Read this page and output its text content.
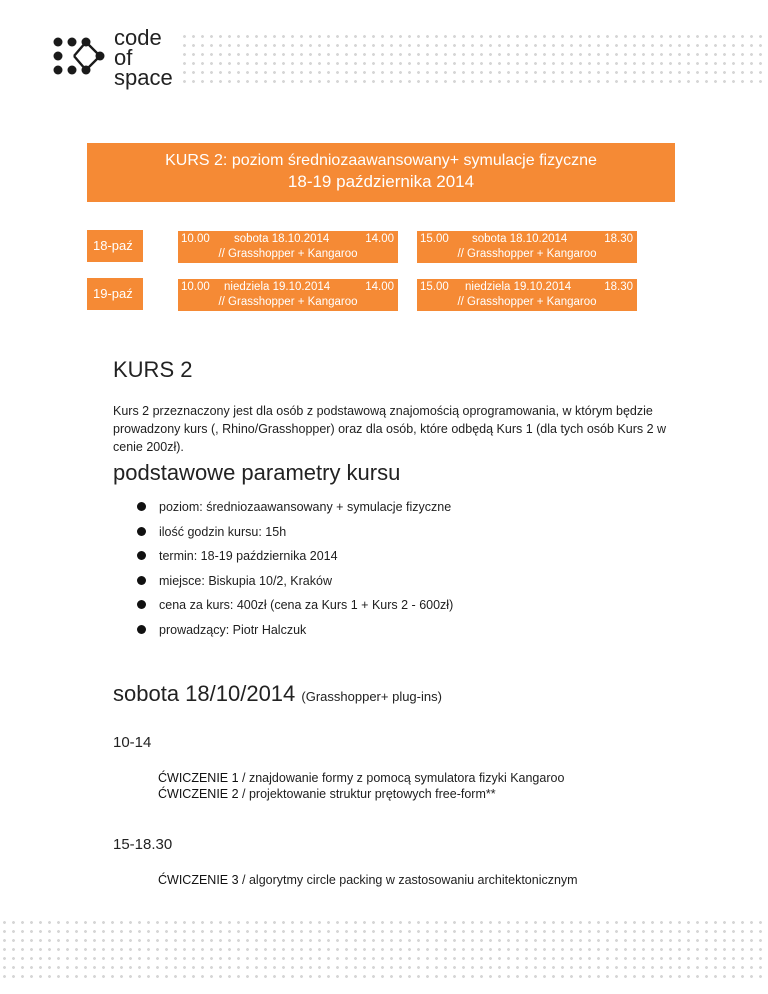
code
of
space
KURS 2: poziom średniozaawansowany+ symulacje fizyczne
18-19 października 2014
18-paź	10.00 sobota 18.10.2014	14.00
// Grasshopper + Kangaroo
15.00 sobota 18.10.2014	18.30
// Grasshopper + Kangaroo
19-paź	10.00 niedziela 19.10.2014	14.00
// Grasshopper + Kangaroo
15.00 niedziela 19.10.2014	18.30
// Grasshopper + Kangaroo
KURS 2

Kurs 2 przeznaczony jest dla osób z podstawową znajomością oprogramowania, w którym będzie prowadzony kurs (, Rhino/Grasshopper) oraz dla osób, które odbędą Kurs 1 (dla tych osób Kurs 2 w cenie 200zł).

podstawowe parametry kursu
poziom: średniozaawansowany + symulacje fizyczne
ilość godzin kursu: 15h
termin: 18-19 października 2014
miejsce: Biskupia 10/2, Kraków
cena za kurs: 400zł (cena za Kurs 1 + Kurs 2 - 600zł)
prowadzący: Piotr Halczuk
sobota 18/10/2014 (Grasshopper+ plug-ins)
10-14
ĆWICZENIE 1 / znajdowanie formy z pomocą symulatora fizyki Kangaroo
ĆWICZENIE 2 / projektowanie struktur prętowych free-form**
15-18.30
ĆWICZENIE 3 / algorytmy circle packing w zastosowaniu architektonicznym
